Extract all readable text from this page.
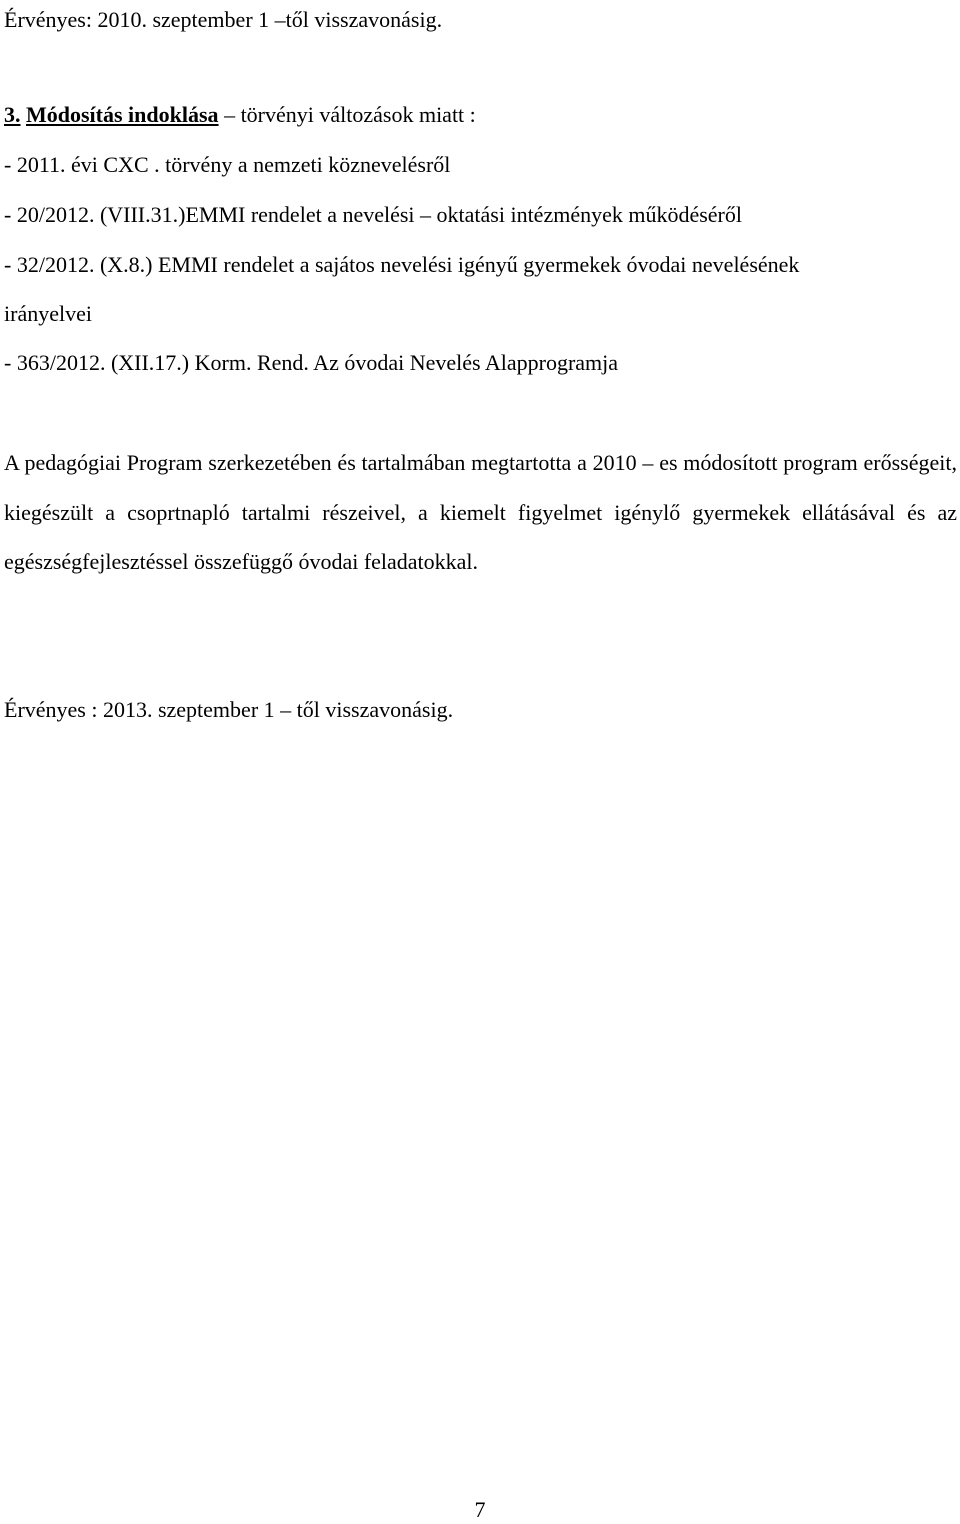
Érvényes: 2010. szeptember 1 –től visszavonásig.
3. Módosítás indoklása – törvényi változások miatt :
- 2011. évi CXC . törvény a nemzeti köznevelésről
- 20/2012. (VIII.31.)EMMI rendelet a nevelési – oktatási intézmények működéséről
- 32/2012. (X.8.) EMMI rendelet a sajátos nevelési igényű gyermekek óvodai nevelésének
irányelvei
- 363/2012. (XII.17.) Korm. Rend. Az óvodai Nevelés Alapprogramja
A pedagógiai Program szerkezetében és tartalmában megtartotta a 2010 – es módosított program erősségeit, kiegészült a csoprtnapló tartalmi részeivel, a kiemelt figyelmet igénylő gyermekek ellátásával és az egészségfejlesztéssel összefüggő óvodai feladatokkal.
Érvényes : 2013. szeptember 1 – től visszavonásig.
7
